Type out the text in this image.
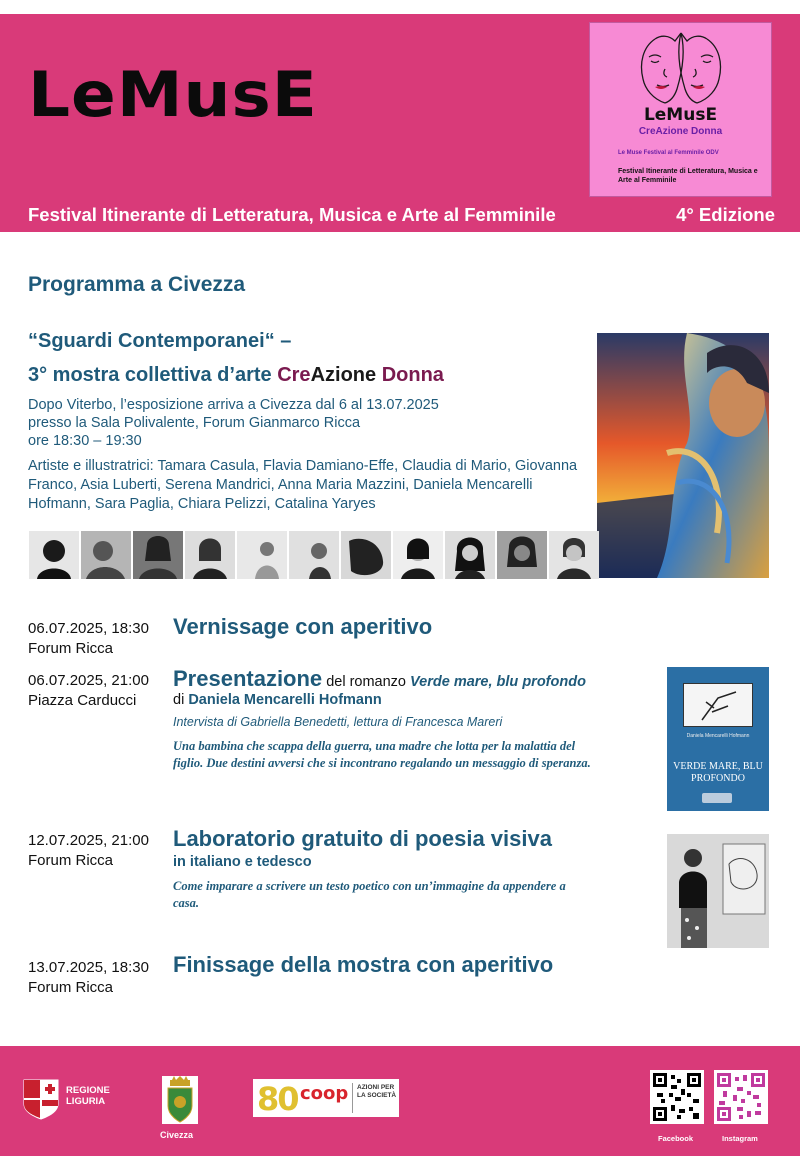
LeMusE	LeMusE
CreAzione Donna
Le Muse Festival al Femminile ODV
Festival Itinerante di Letteratura, Musica e Arte al Femminile
Festival Itinerante di Letteratura, Musica e Arte al Femminile	4° Edizione
Programma a Civezza
“Sguardi Contemporanei“ –
3° mostra collettiva d’arte CreAzione Donna
Dopo Viterbo, l’esposizione arriva a Civezza dal 6 al 13.07.2025
presso la Sala Polivalente, Forum Gianmarco Ricca
ore 18:30 – 19:30
Artiste e illustratrici: Tamara Casula, Flavia Damiano-Effe, Claudia di Mario, Giovanna Franco, Asia Luberti, Serena Mandrici, Anna Maria Mazzini, Daniela Mencarelli Hofmann, Sara Paglia, Chiara Pelizzi, Catalina Yaryes
06.07.2025, 18:30
Forum Ricca
Vernissage con aperitivo
06.07.2025, 21:00
Piazza Carducci
Presentazione del romanzo Verde mare, blu profondo
di Daniela Mencarelli Hofmann
Intervista di Gabriella Benedetti, lettura di Francesca Mareri
Una bambina che scappa della guerra, una madre che lotta per la malattia del figlio. Due destini avversi che si incontrano regalando un messaggio di speranza.
Daniela Mencarelli Hofmann
VERDE MARE, BLU PROFONDO
12.07.2025, 21:00
Forum Ricca
Laboratorio gratuito di poesia visiva
in italiano e tedesco
Come imparare a scrivere un testo poetico con un’immagine da appendere a casa.
13.07.2025, 18:30
Forum Ricca
Finissage della mostra con aperitivo
REGIONE LIGURIA
Civezza
80 coop AZIONI PER LA SOCIETÀ
Facebook	Instagram
